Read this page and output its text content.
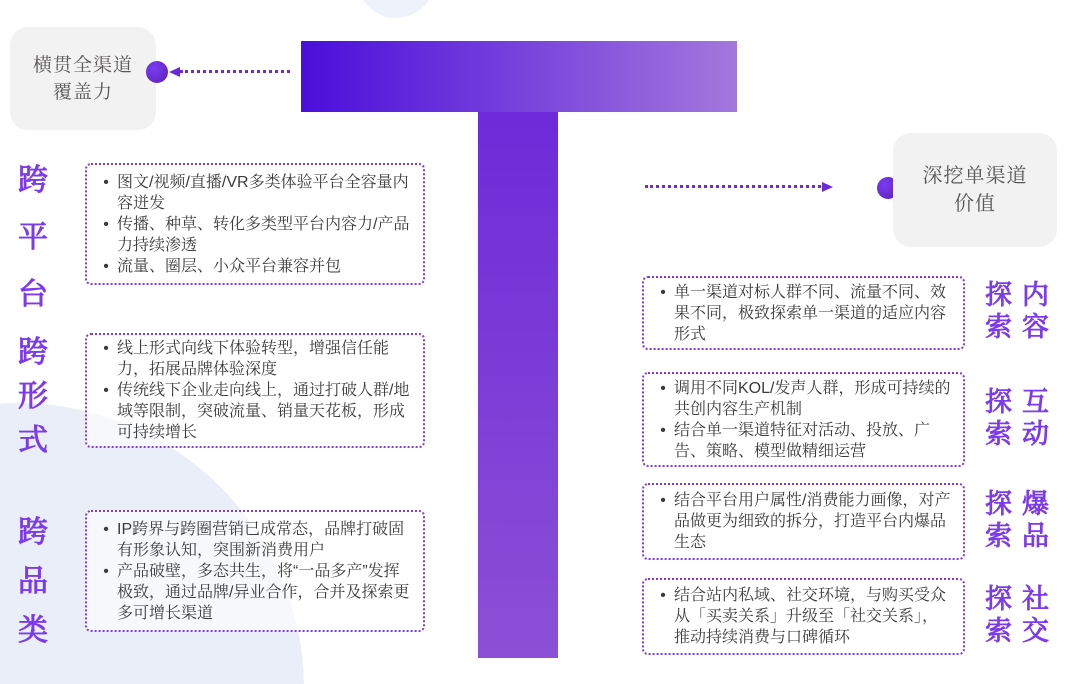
横贯全渠道
覆盖力
深挖单渠道
价值
跨
平
台
•
图文/视频/直播/VR多类体验平台全容量内容迸发
•
传播、种草、转化多类型平台内容力/产品力持续渗透
•
流量、圈层、小众平台兼容并包
跨
形
式
•
线上形式向线下体验转型，增强信任能力，拓展品牌体验深度
•
传统线下企业走向线上，通过打破人群/地域等限制，突破流量、销量天花板，形成可持续增长
跨
品
类
•
IP跨界与跨圈营销已成常态，品牌打破固有形象认知，突围新消费用户
•
产品破壁，多态共生，将“一品多产”发挥极致，通过品牌/异业合作，合并及探索更多可增长渠道
•
单一渠道对标人群不同、流量不同、效果不同，极致探索单一渠道的适应内容形式
探 内
索 容
•
调用不同KOL/发声人群，形成可持续的共创内容生产机制
•
结合单一渠道特征对活动、投放、广告、策略、模型做精细运营
探 互
索 动
•
结合平台用户属性/消费能力画像，对产品做更为细致的拆分，打造平台内爆品生态
探 爆
索 品
•
结合站内私域、社交环境，与购买受众从「买卖关系」升级至「社交关系」，推动持续消费与口碑循环
探 社
索 交
